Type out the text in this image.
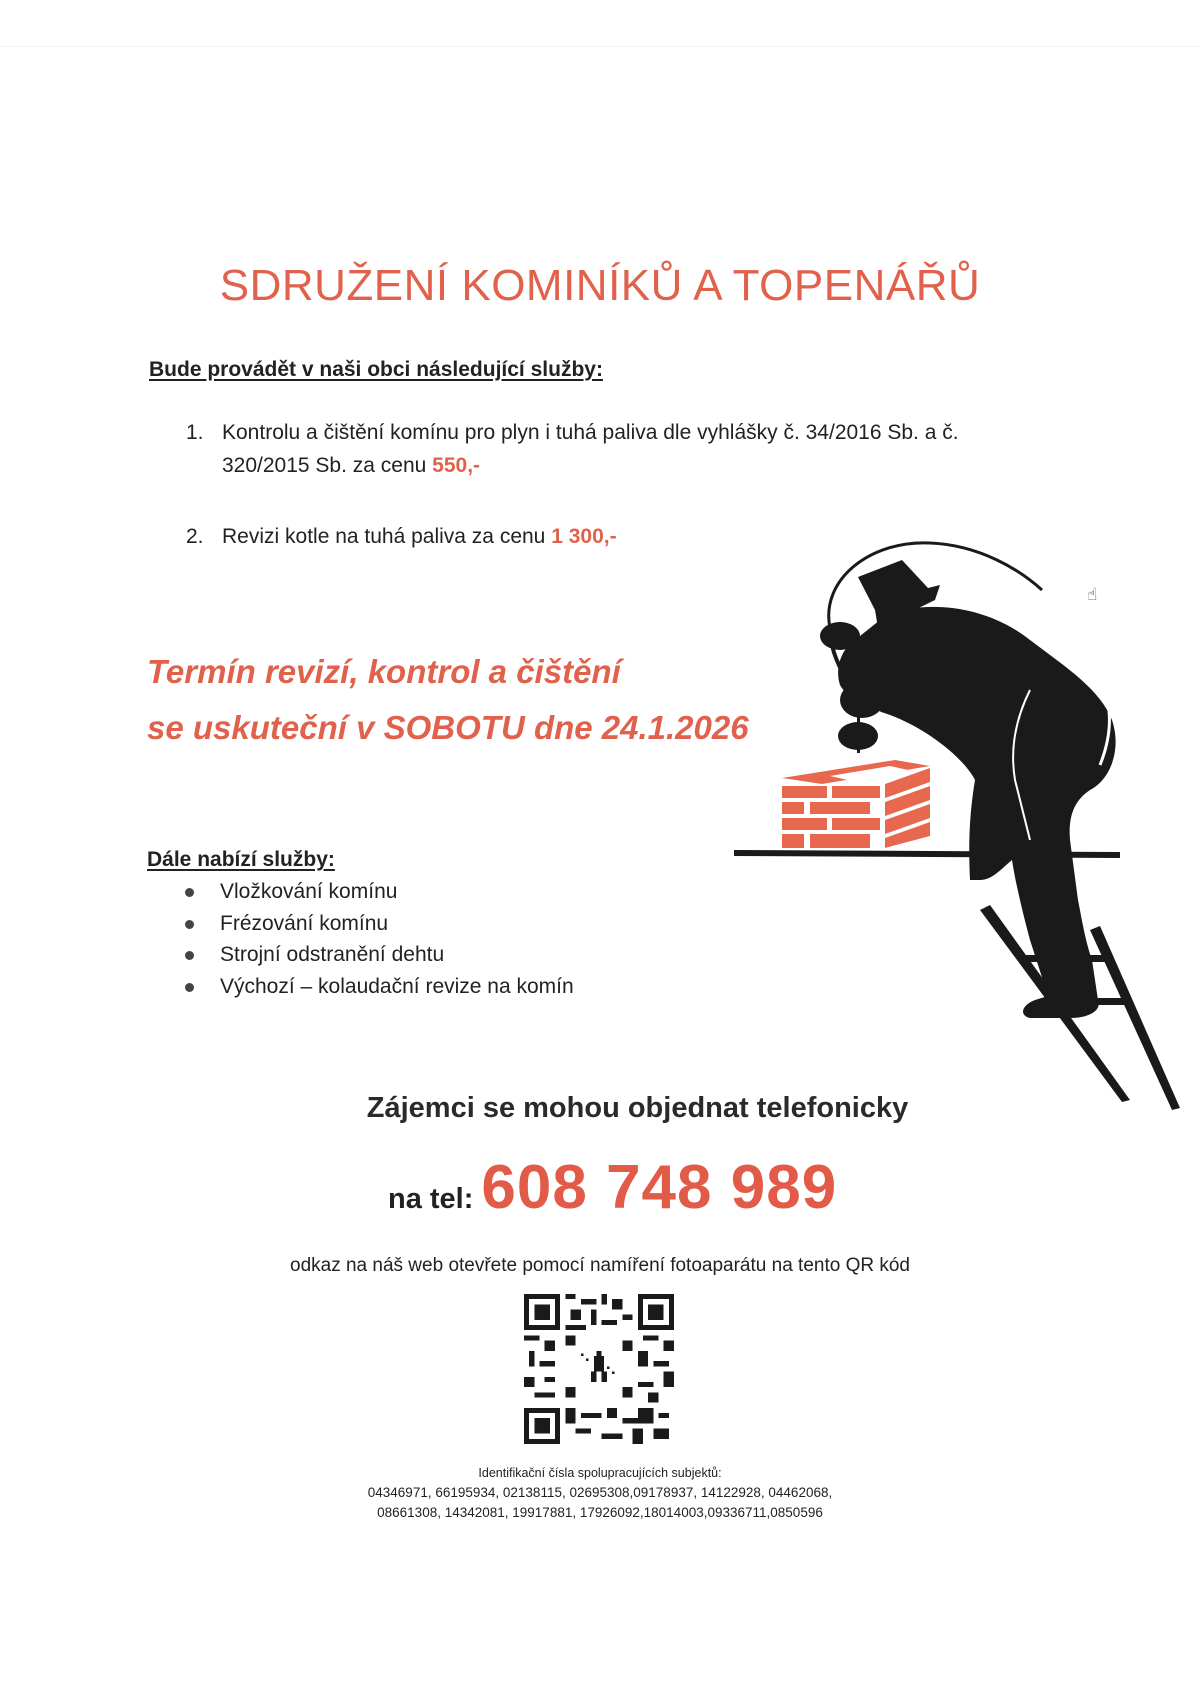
SDRUŽENÍ KOMINÍKŮ A TOPENÁŘŮ
Bude provádět v naši obci následující služby:
1. Kontrolu a čištění komínu pro plyn i tuhá paliva dle vyhlášky č. 34/2016 Sb. a č. 320/2015 Sb. za cenu 550,-
2. Revizi kotle na tuhá paliva za cenu 1 300,-
Termín revizí, kontrol a čištění
se uskuteční v SOBOTU dne 24.1.2026
☝
Dále nabízí služby:
Vložkování komínu
Frézování komínu
Strojní odstranění dehtu
Výchozí – kolaudační revize na komín
Zájemci se mohou objednat telefonicky
na tel: 608 748 989
odkaz na náš web otevřete pomocí namíření fotoaparátu na tento QR kód
Identifikační čísla spolupracujících subjektů:
04346971, 66195934, 02138115, 02695308,09178937, 14122928, 04462068,
08661308, 14342081, 19917881, 17926092,18014003,09336711,0850596
